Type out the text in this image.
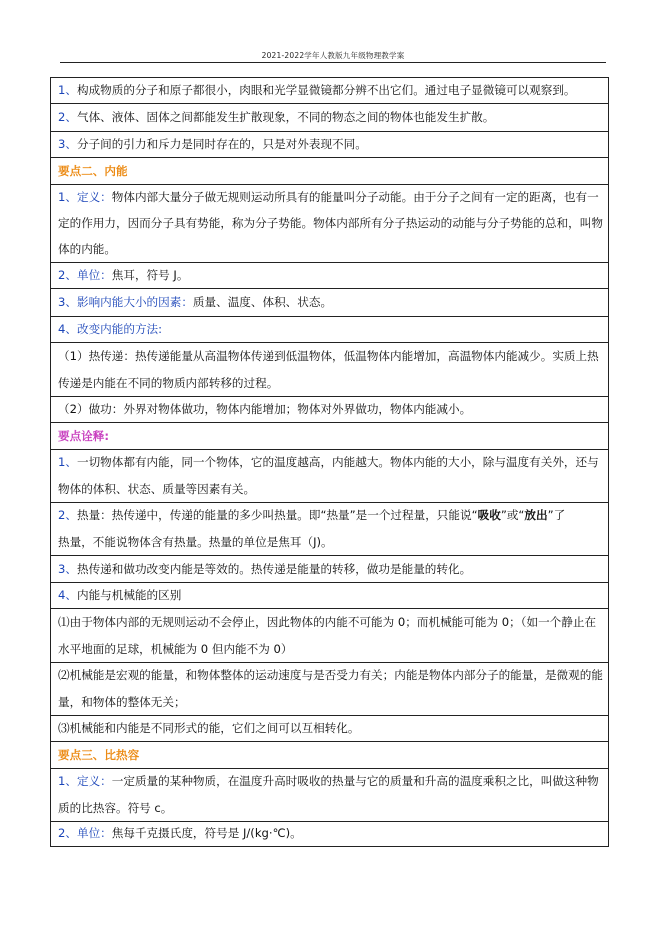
2021-2022学年人教版九年级物理教学案
1、构成物质的分子和原子都很小，肉眼和光学显微镜都分辨不出它们。通过电子显微镜可以观察到。
2、气体、液体、固体之间都能发生扩散现象，不同的物态之间的物体也能发生扩散。
3、分子间的引力和斥力是同时存在的，只是对外表现不同。
要点二、内能
1、定义：物体内部大量分子做无规则运动所具有的能量叫分子动能。由于分子之间有一定的距离，也有一
定的作用力，因而分子具有势能，称为分子势能。物体内部所有分子热运动的动能与分子势能的总和，叫物
体的内能。
2、单位：焦耳，符号 J。
3、影响内能大小的因素：质量、温度、体积、状态。
4、改变内能的方法:
（1）热传递：热传递能量从高温物体传递到低温物体，低温物体内能增加，高温物体内能减少。实质上热
传递是内能在不同的物质内部转移的过程。
（2）做功：外界对物体做功，物体内能增加；物体对外界做功，物体内能减小。
要点诠释:
1、一切物体都有内能，同一个物体，它的温度越高，内能越大。物体内能的大小，除与温度有关外，还与
物体的体积、状态、质量等因素有关。
2、热量：热传递中，传递的能量的多少叫热量。即“热量”是一个过程量，只能说“吸收”或“放出”了
热量，不能说物体含有热量。热量的单位是焦耳（J)。
3、热传递和做功改变内能是等效的。热传递是能量的转移，做功是能量的转化。
4、内能与机械能的区别
⑴由于物体内部的无规则运动不会停止，因此物体的内能不可能为 0；而机械能可能为 0；（如一个静止在
水平地面的足球，机械能为 0 但内能不为 0）
⑵机械能是宏观的能量，和物体整体的运动速度与是否受力有关；内能是物体内部分子的能量，是微观的能
量，和物体的整体无关；
⑶机械能和内能是不同形式的能，它们之间可以互相转化。
要点三、比热容
1、定义：一定质量的某种物质，在温度升高时吸收的热量与它的质量和升高的温度乘积之比，叫做这种物
质的比热容。符号 c。
2、单位：焦每千克摄氏度，符号是 J/(kg·℃)。
